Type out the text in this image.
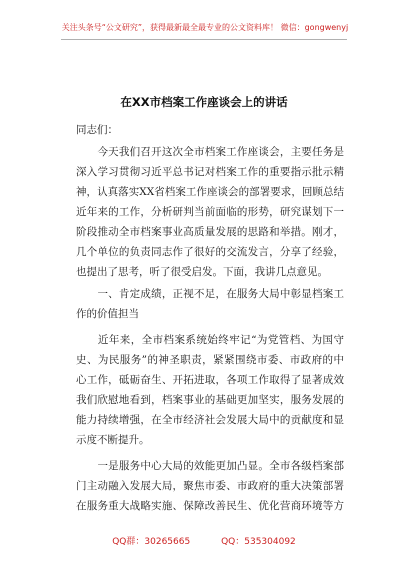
关注头条号“公文研究”，获得最新最全最专业的公文资料库！ 微信：gongwenyj
在XX市档案工作座谈会上的讲话
同志们：
　　今天我们召开这次全市档案工作座谈会，主要任务是
深入学习贯彻习近平总书记对档案工作的重要指示批示精
神，认真落实XX省档案工作座谈会的部署要求，回顾总结
近年来的工作，分析研判当前面临的形势，研究谋划下一
阶段推动全市档案事业高质量发展的思路和举措。刚才，
几个单位的负责同志作了很好的交流发言，分享了经验，
也提出了思考，听了很受启发。下面，我讲几点意见。
　　一、肯定成绩，正视不足，在服务大局中彰显档案工
作的价值担当
　　近年来，全市档案系统始终牢记“为党管档、为国守
史、为民服务”的神圣职责，紧紧围绕市委、市政府的中
心工作，砥砺奋生、开拓进取，各项工作取得了显著成效
我们欣慰地看到，档案事业的基础更加坚实，服务发展的
能力持续增强，在全市经济社会发展大局中的贡献度和显
示度不断提升。
　　一是服务中心大局的效能更加凸显。全市各级档案部
门主动融入发展大局，聚焦市委、市政府的重大决策部署
在服务重大战略实施、保障改善民生、优化营商环境等方
QQ群：30265665	QQ：535304092
